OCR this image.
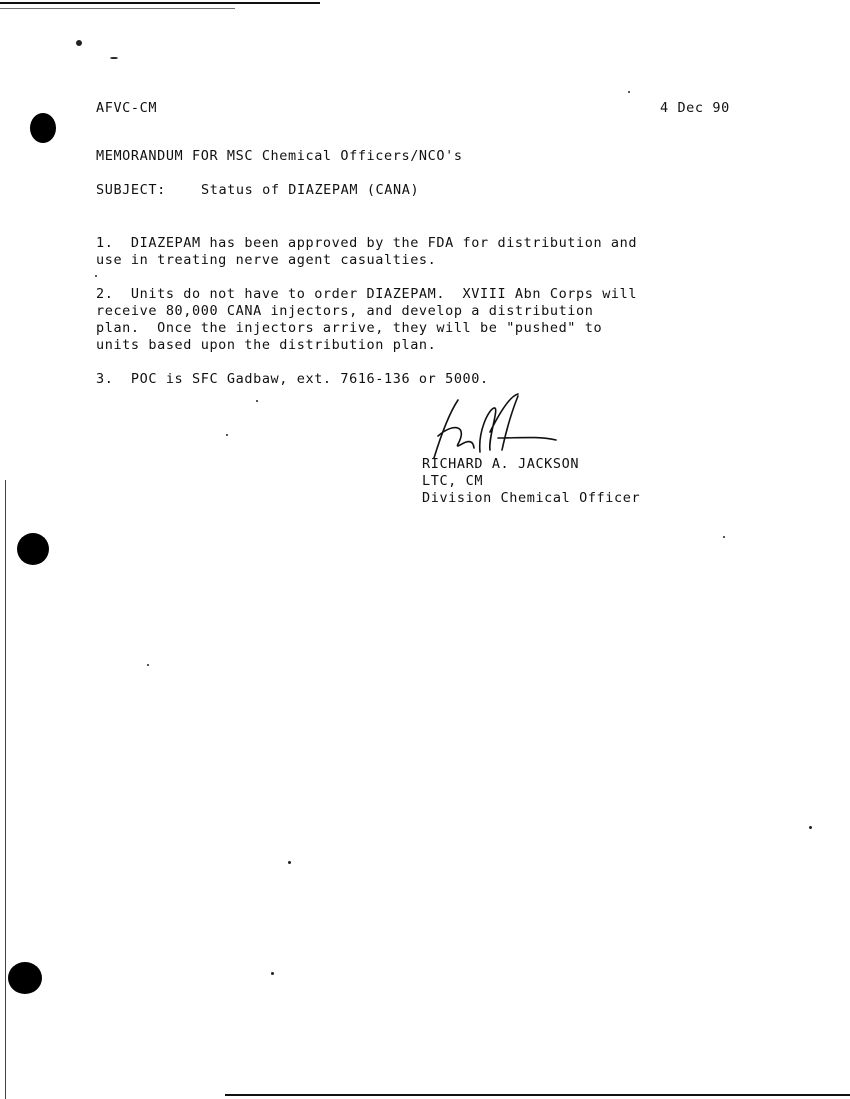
AFVC-CM	4 Dec 90

MEMORANDUM FOR MSC Chemical Officers/NCO's

SUBJECT:	Status of DIAZEPAM (CANA)

1.  DIAZEPAM has been approved by the FDA for distribution and

use in treating nerve agent casualties.

2.  Units do not have to order DIAZEPAM.  XVIII Abn Corps will

receive 80,000 CANA injectors, and develop a distribution

plan.  Once the injectors arrive, they will be "pushed" to

units based upon the distribution plan.

3.  POC is SFC Gadbaw, ext. 7616-136 or 5000.

RICHARD A. JACKSON

LTC, CM

Division Chemical Officer
